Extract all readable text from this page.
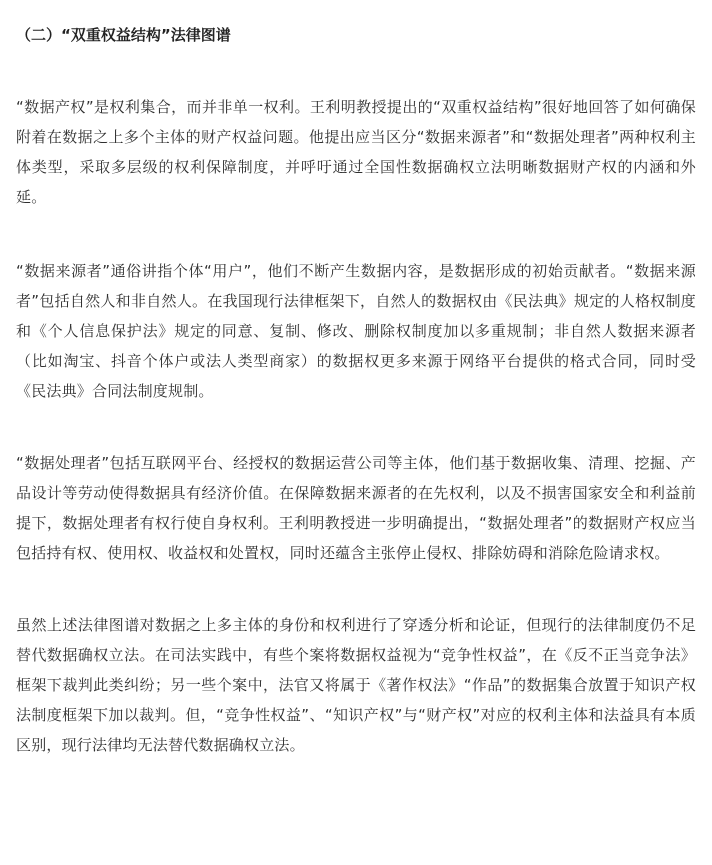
（二）“双重权益结构”法律图谱

“数据产权”是权利集合，而并非单一权利。王利明教授提出的“双重权益结构”很好地回答了如何确保附着在数据之上多个主体的财产权益问题。他提出应当区分“数据来源者”和“数据处理者”两种权利主体类型，采取多层级的权利保障制度，并呼吁通过全国性数据确权立法明晰数据财产权的内涵和外延。

“数据来源者”通俗讲指个体“用户”，他们不断产生数据内容，是数据形成的初始贡献者。“数据来源者”包括自然人和非自然人。在我国现行法律框架下，自然人的数据权由《民法典》规定的人格权制度和《个人信息保护法》规定的同意、复制、修改、删除权制度加以多重规制；非自然人数据来源者（比如淘宝、抖音个体户或法人类型商家）的数据权更多来源于网络平台提供的格式合同，同时受《民法典》合同法制度规制。

“数据处理者”包括互联网平台、经授权的数据运营公司等主体，他们基于数据收集、清理、挖掘、产品设计等劳动使得数据具有经济价值。在保障数据来源者的在先权利，以及不损害国家安全和利益前提下，数据处理者有权行使自身权利。王利明教授进一步明确提出，“数据处理者”的数据财产权应当包括持有权、使用权、收益权和处置权，同时还蕴含主张停止侵权、排除妨碍和消除危险请求权。

虽然上述法律图谱对数据之上多主体的身份和权利进行了穿透分析和论证，但现行的法律制度仍不足替代数据确权立法。在司法实践中，有些个案将数据权益视为“竞争性权益”，在《反不正当竞争法》框架下裁判此类纠纷；另一些个案中，法官又将属于《著作权法》“作品”的数据集合放置于知识产权法制度框架下加以裁判。但，“竞争性权益”、“知识产权”与“财产权”对应的权利主体和法益具有本质区别，现行法律均无法替代数据确权立法。
